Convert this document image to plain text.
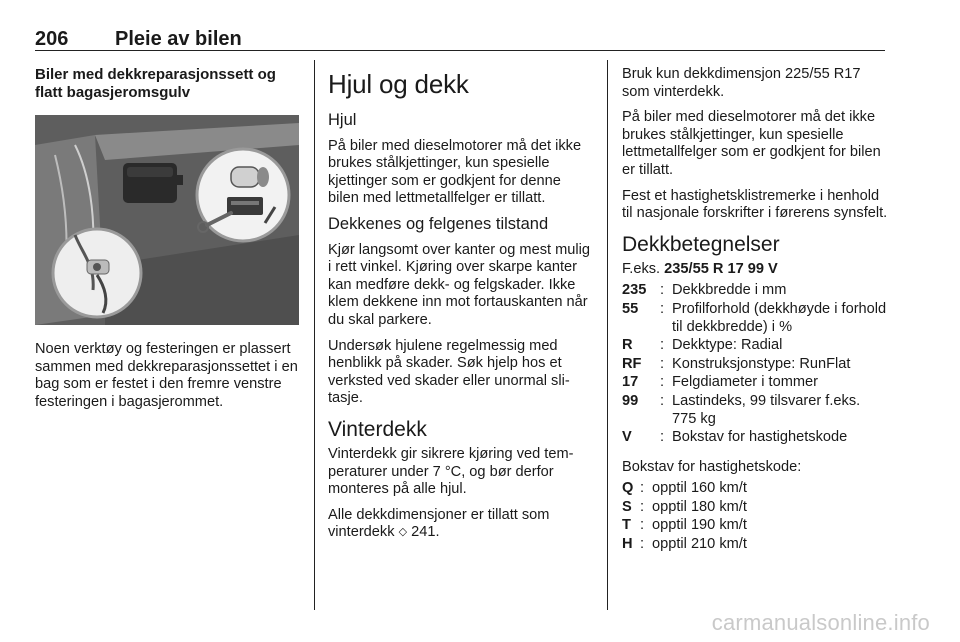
206 Pleie av bilen
Biler med dekkreparasjonssett og flatt bagasjeromsgulv

Noen verktøy og festeringen er plassert sammen med dekkreparasjonssettet i en bag som er festet i den fremre venstre festeringen i bagasjerommet.

Hjul og dekk
Hjul

På biler med dieselmotorer må det ikke brukes stålkjettinger, kun spesielle kjettinger som er godkjent for denne bilen med lettmetallfelger er tillatt.

Dekkenes og felgenes tilstand

Kjør langsomt over kanter og mest mulig i rett vinkel. Kjøring over skarpe kanter kan medføre dekk- og felgskader. Ikke klem dekkene inn mot fortauskanten når du skal parkere.

Undersøk hjulene regelmessig med henblikk på skader. Søk hjelp hos et verksted ved skader eller unormal slitasje.

Vinterdekk

Vinterdekk gir sikrere kjøring ved temperaturer under 7 °C, og bør derfor monteres på alle hjul.

Alle dekkdimensjoner er tillatt som vinterdekk ◇ 241.

Bruk kun dekkdimensjon 225/55 R17 som vinterdekk.

På biler med dieselmotorer må det ikke brukes stålkjettinger, kun spesielle lettmetallfelger som er godkjent for bilen er tillatt.

Fest et hastighetsklistremerke i henhold til nasjonale forskrifter i førerens synsfelt.

Dekkbetegnelser

F.eks. 235/55 R 17 99 V

235 : Dekkbredde i mm
55	: Profilforhold (dekkhøyde i forhold til dekkbredde) i %
R	: Dekktype: Radial
RF	: Konstruksjonstype: RunFlat
17	: Felgdiameter i tommer
99	: Lastindeks, 99 tilsvarer f.eks. 775 kg
V	: Bokstav for hastighetskode

Bokstav for hastighetskode:

Q : opptil 160 km/t
S : opptil 180 km/t
T : opptil 190 km/t
H : opptil 210 km/t
carmanualsonline.info
